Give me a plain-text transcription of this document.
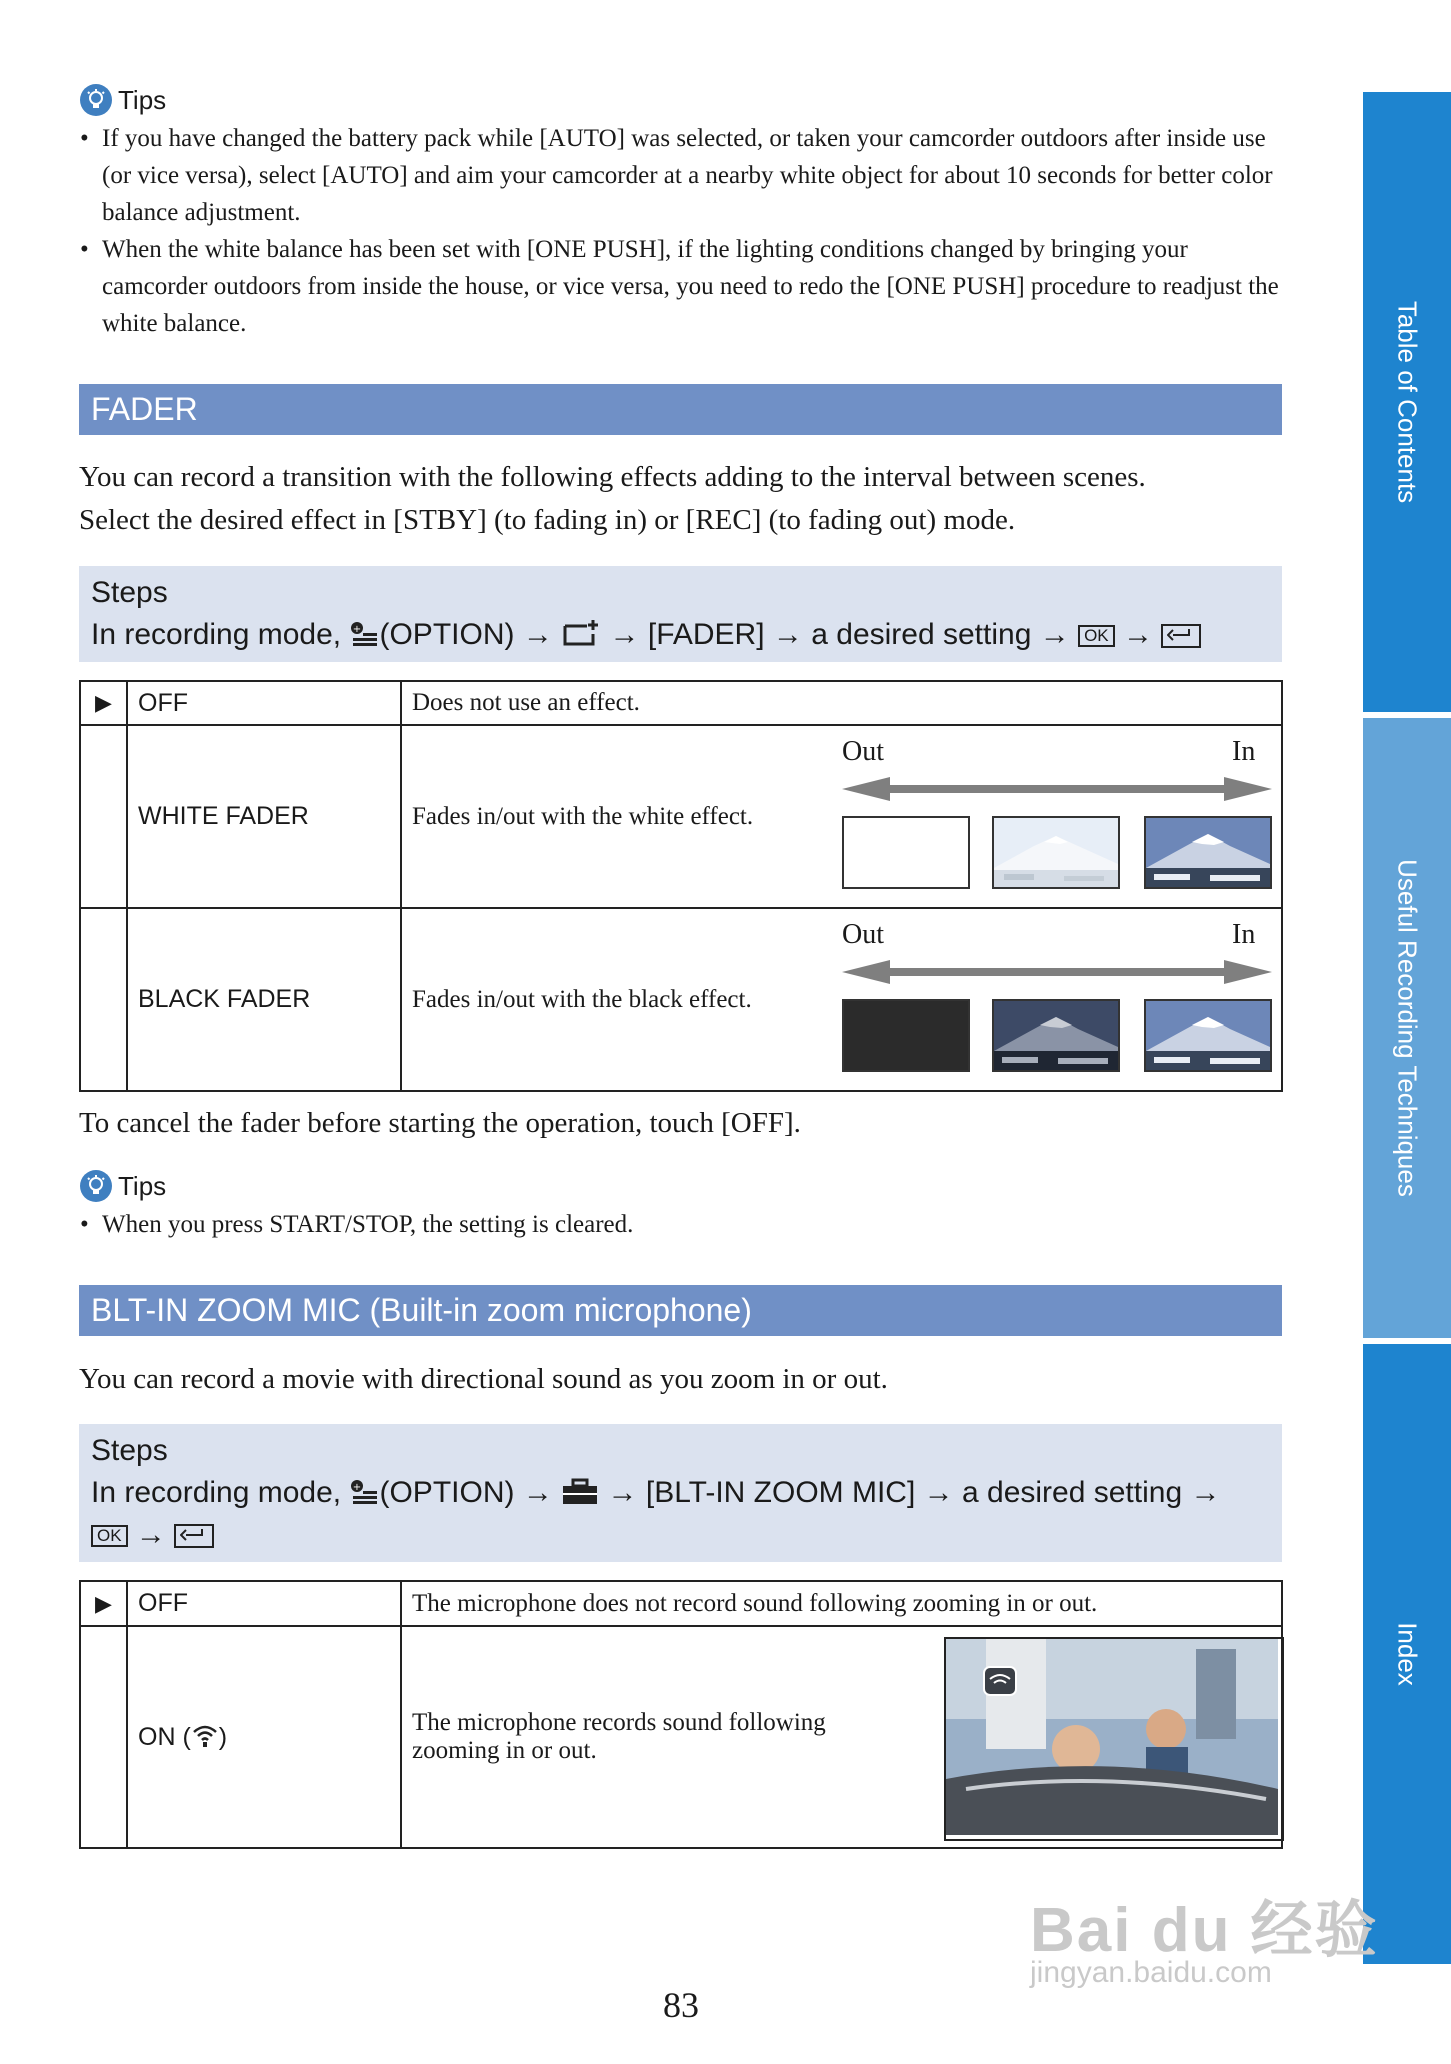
Tips
• If you have changed the battery pack while [AUTO] was selected, or taken your camcorder outdoors after inside use (or vice versa), select [AUTO] and aim your camcorder at a nearby white object for about 10 seconds for better color balance adjustment.
• When the white balance has been set with [ONE PUSH], if the lighting conditions changed by bringing your camcorder outdoors from inside the house, or vice versa, you need to redo the [ONE PUSH] procedure to readjust the white balance.
FADER
You can record a transition with the following effects adding to the interval between scenes.
Select the desired effect in [STBY] (to fading in) or [REC] (to fading out) mode.
Steps
In recording mode, + (OPTION) → → [FADER] → a desired setting → OK →
▶	OFF	Does not use an effect.
	WHITE FADER	Fades in/out with the white effect.
Out In

	BLACK FADER	Fades in/out with the black effect.
Out In
To cancel the fader before starting the operation, touch [OFF].
Tips
• When you press START/STOP, the setting is cleared.
BLT-IN ZOOM MIC (Built-in zoom microphone)
You can record a movie with directional sound as you zoom in or out.
Steps
In recording mode, + (OPTION) → → [BLT-IN ZOOM MIC] → a desired setting →
OK →
▶	OFF	The microphone does not record sound following zooming in or out.
	ON ( )	The microphone records sound following
zooming in or out.
Table of Contents
Useful Recording Techniques
Index
Bai du 经验
jingyan.baidu.com
83
